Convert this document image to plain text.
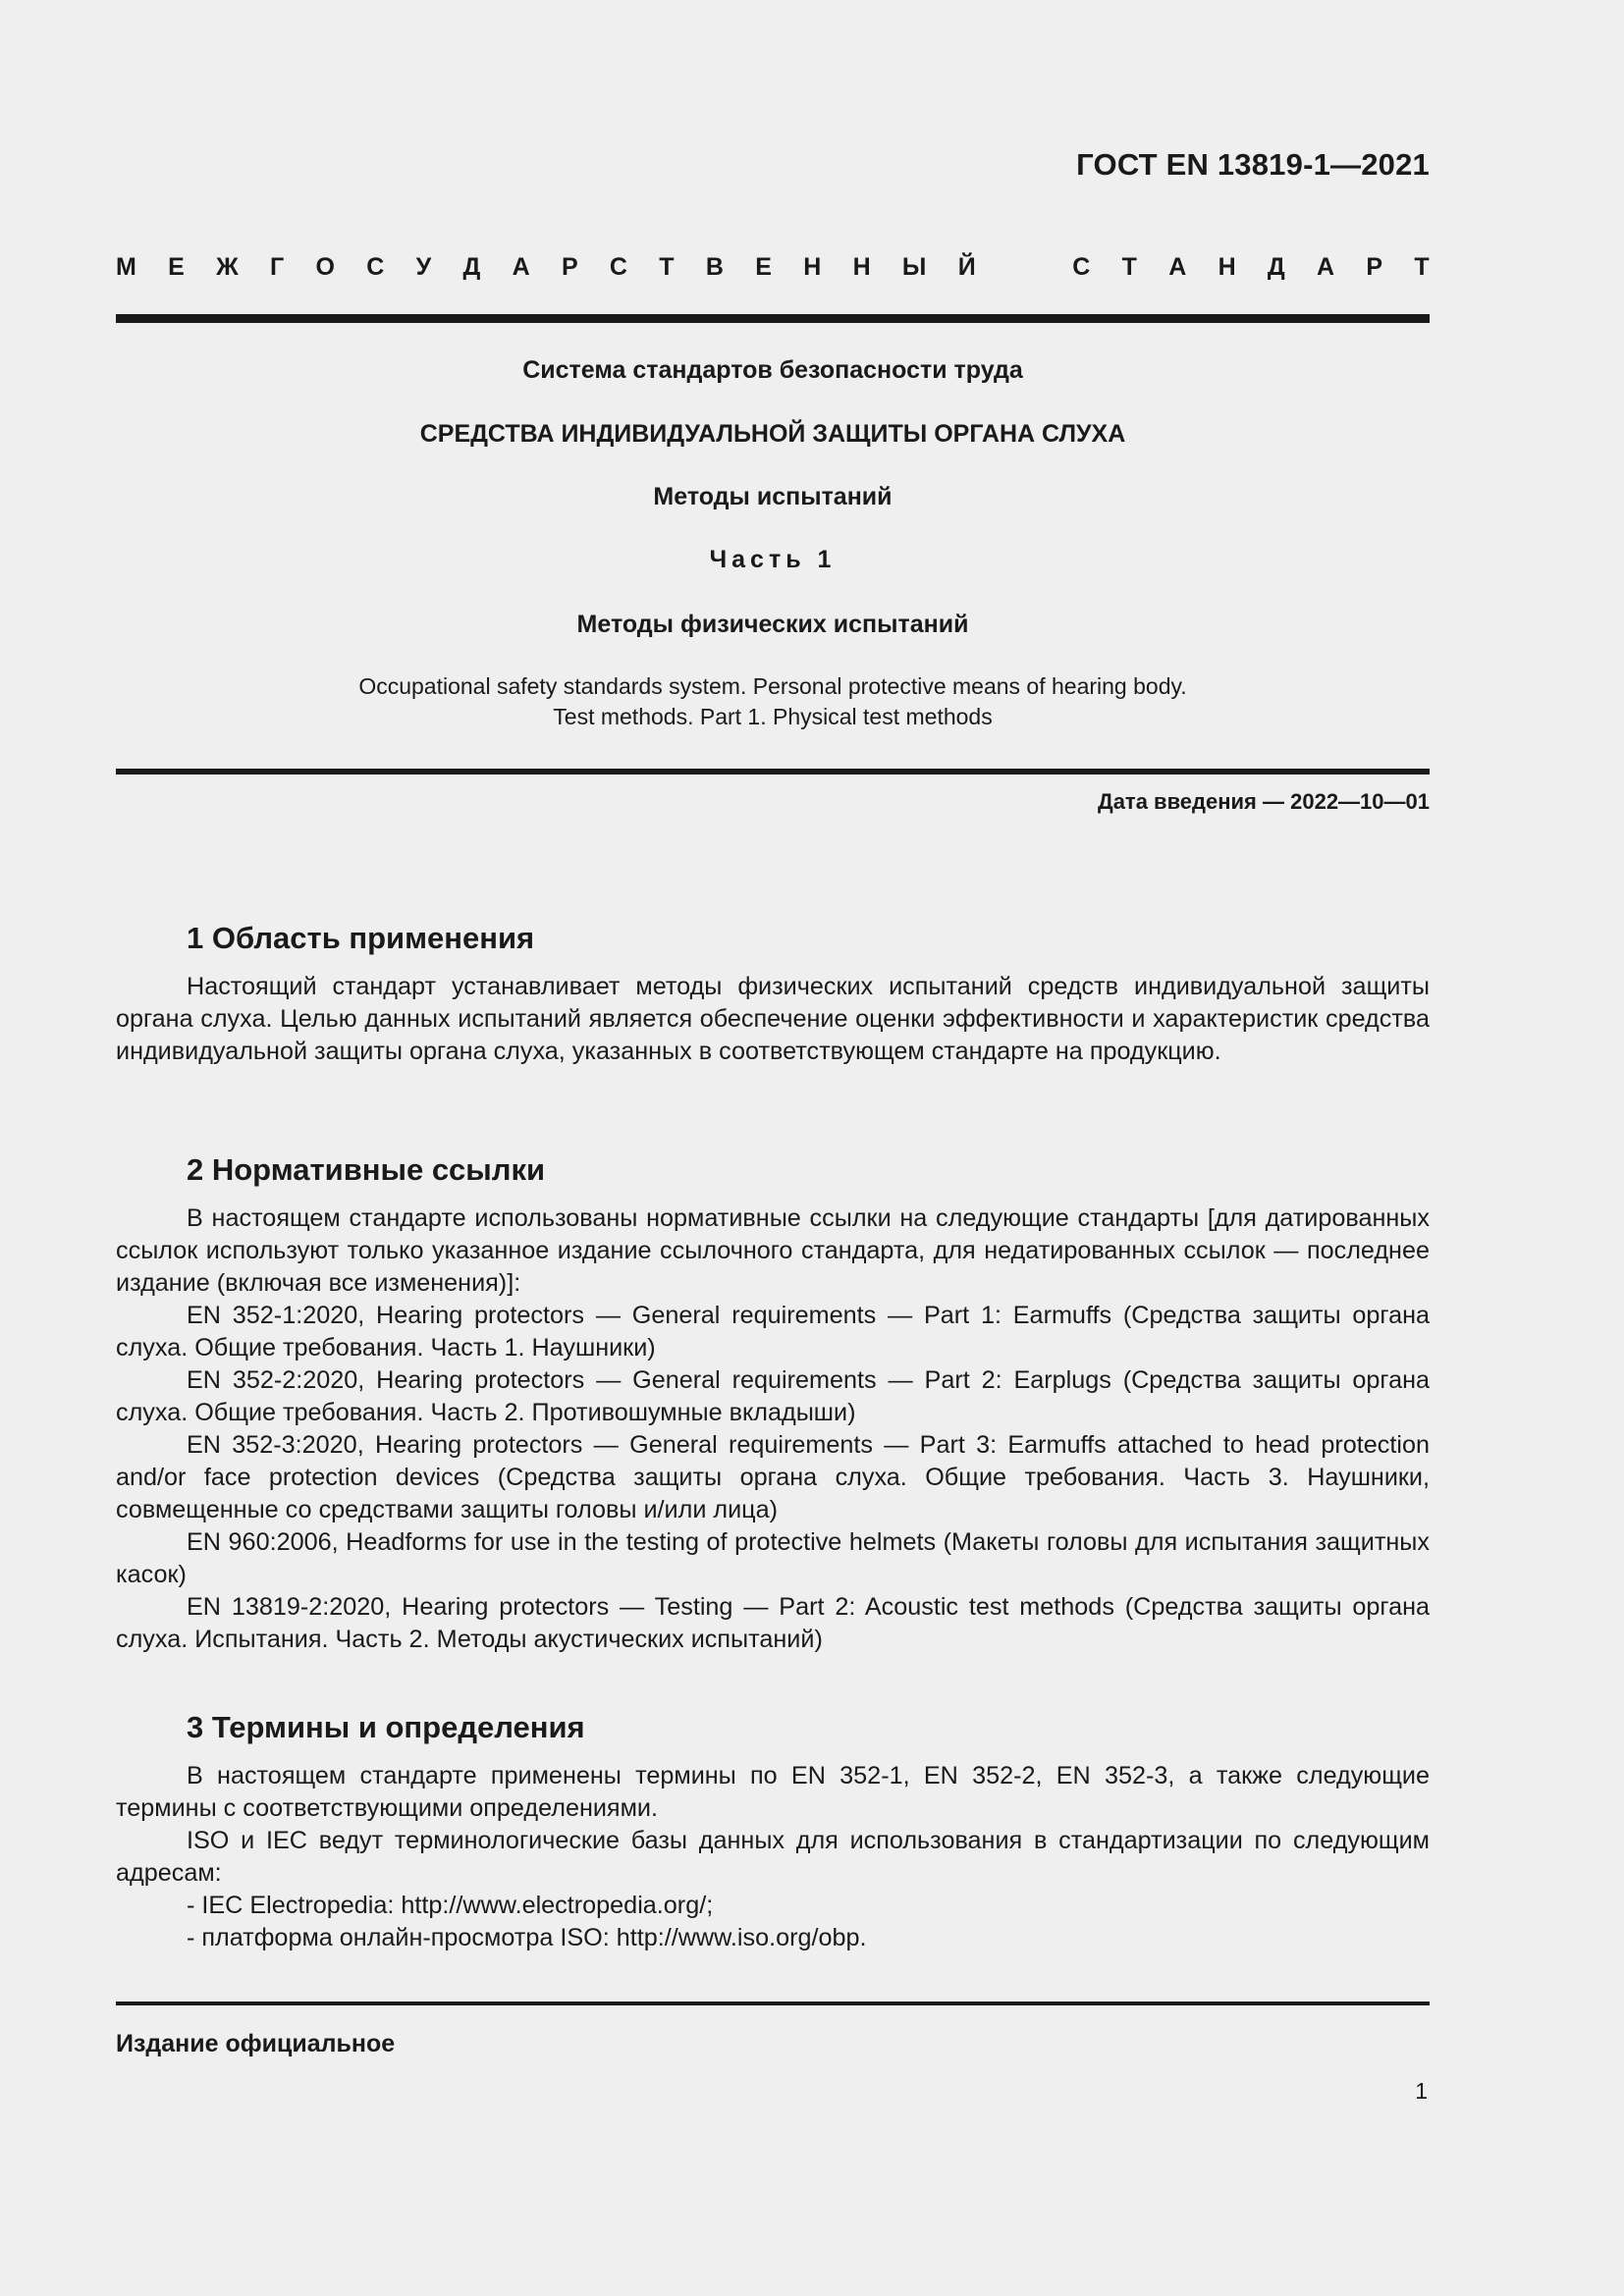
ГОСТ EN 13819-1—2021
М Е Ж Г О С У Д А Р С Т В Е Н Н Ы Й	С Т А Н Д А Р Т
Система стандартов безопасности труда
СРЕДСТВА ИНДИВИДУАЛЬНОЙ ЗАЩИТЫ ОРГАНА СЛУХА
Методы испытаний
Часть 1
Методы физических испытаний
Occupational safety standards system. Personal protective means of hearing body.
Test methods. Part 1. Physical test methods
Дата введения — 2022—10—01
1 Область применения

Настоящий стандарт устанавливает методы физических испытаний средств индивидуальной защиты органа слуха. Целью данных испытаний является обеспечение оценки эффективности и характеристик средства индивидуальной защиты органа слуха, указанных в соответствующем стандарте на продукцию.

2 Нормативные ссылки

В настоящем стандарте использованы нормативные ссылки на следующие стандарты [для датированных ссылок используют только указанное издание ссылочного стандарта, для недатированных ссылок — последнее издание (включая все изменения)]:

EN 352-1:2020, Hearing protectors — General requirements — Part 1: Earmuffs (Средства защиты органа слуха. Общие требования. Часть 1. Наушники)

EN 352-2:2020, Hearing protectors — General requirements — Part 2: Earplugs (Средства защиты органа слуха. Общие требования. Часть 2. Противошумные вкладыши)

EN 352-3:2020, Hearing protectors — General requirements — Part 3: Earmuffs attached to head protection and/or face protection devices (Средства защиты органа слуха. Общие требования. Часть 3. Наушники, совмещенные со средствами защиты головы и/или лица)

EN 960:2006, Headforms for use in the testing of protective helmets (Макеты головы для испытания защитных касок)

EN 13819-2:2020, Hearing protectors — Testing — Part 2: Acoustic test methods (Средства защиты органа слуха. Испытания. Часть 2. Методы акустических испытаний)

3 Термины и определения

В настоящем стандарте применены термины по EN 352-1, EN 352-2, EN 352-3, а также следующие термины с соответствующими определениями.

ISO и IEC ведут терминологические базы данных для использования в стандартизации по следующим адресам:

- IEC Electropedia: http://www.electropedia.org/;
- платформа онлайн-просмотра ISO: http://www.iso.org/obp.
Издание официальное
1
